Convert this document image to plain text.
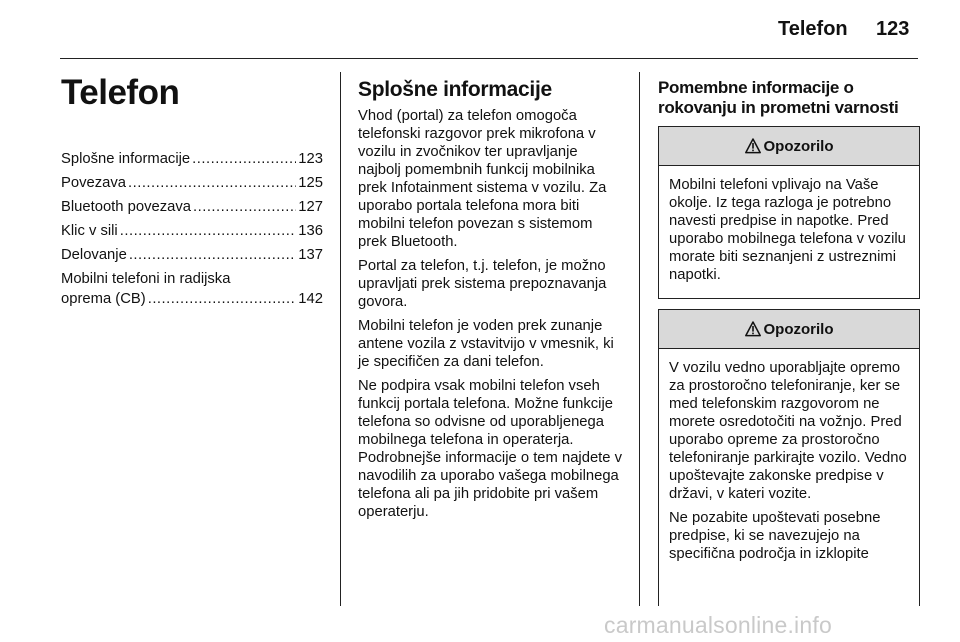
Telefon 123
Telefon
Splošne informacije .....	123
Povezava .....	125
Bluetooth povezava .....	127
Klic v sili .....	136
Delovanje .....	137
Mobilni telefoni in radijska
oprema (CB) .....	142
Splošne informacije

Vhod (portal) za telefon omogoča telefonski razgovor prek mikrofona v vozilu in zvočnikov ter upravljanje najbolj pomembnih funkcij mobilnika prek Infotainment sistema v vozilu. Za uporabo portala telefona mora biti mobilni telefon povezan s sistemom prek Bluetooth.

Portal za telefon, t.j. telefon, je možno upravljati prek sistema prepoznavanja govora.

Mobilni telefon je voden prek zunanje antene vozila z vstavitvijo v vmesnik, ki je specifičen za dani telefon.

Ne podpira vsak mobilni telefon vseh funkcij portala telefona. Možne funkcije telefona so odvisne od uporabljenega mobilnega telefona in operaterja. Podrobnejše informacije o tem najdete v navodilih za uporabo vašega mobilnega telefona ali pa jih pridobite pri vašem operaterju.

Pomembne informacije o rokovanju in prometni varnosti
Opozorilo

Mobilni telefoni vplivajo na Vaše okolje. Iz tega razloga je potrebno navesti predpise in napotke. Pred uporabo mobilnega telefona v vozilu morate biti seznanjeni z ustreznimi napotki.

Opozorilo

V vozilu vedno uporabljajte opremo za prostoročno telefoniranje, ker se med telefonskim razgovorom ne morete osredotočiti na vožnjo. Pred uporabo opreme za prostoročno telefoniranje parkirajte vozilo. Vedno upoštevajte zakonske predpise v državi, v kateri vozite.

Ne pozabite upoštevati posebne predpise, ki se navezujejo na specifična področja in izklopite

carmanualsonline.info
